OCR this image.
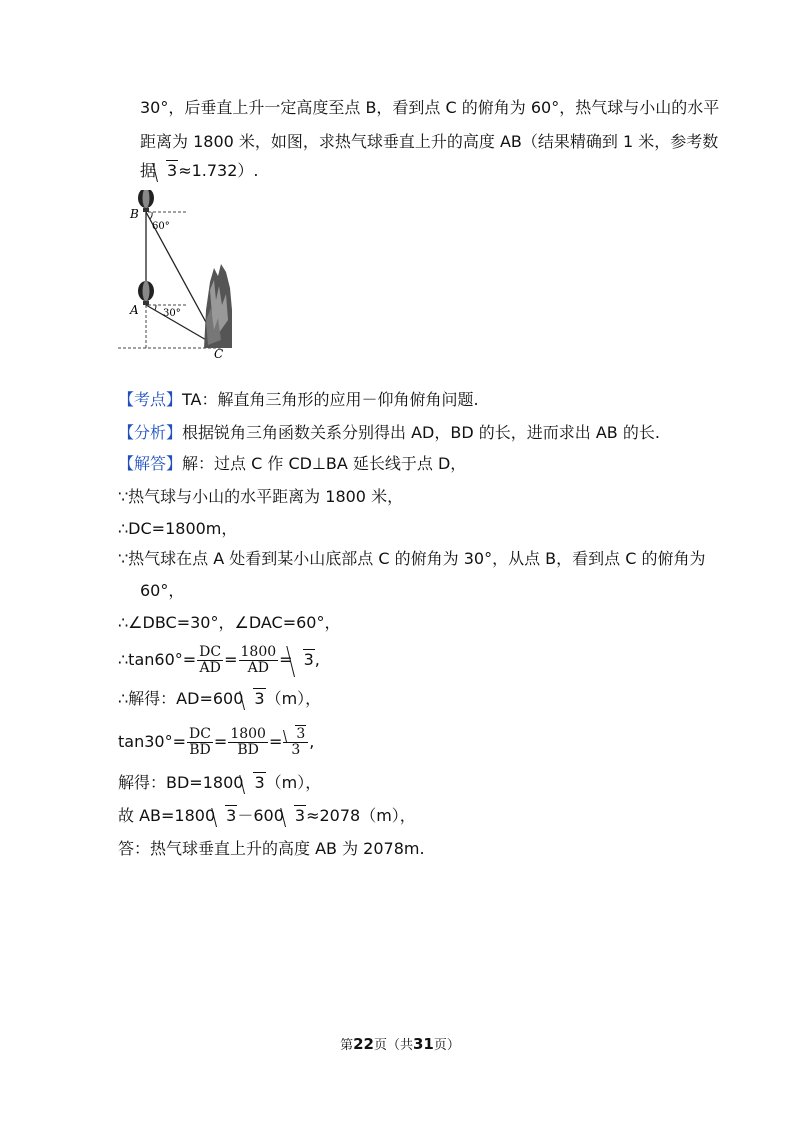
30°，后垂直上升一定高度至点 B，看到点 C 的俯角为 60°，热气球与小山的水平
距离为 1800 米，如图，求热气球垂直上升的高度 AB（结果精确到 1 米，参考数
据 3≈1.732）.
B
A
C
60°
30°
【考点】TA：解直角三角形的应用－仰角俯角问题.
【分析】根据锐角三角函数关系分别得出 AD，BD 的长，进而求出 AB 的长.
【解答】解：过点 C 作 CD⊥BA 延长线于点 D，
∵热气球与小山的水平距离为 1800 米，
∴DC=1800m，
∵热气球在点 A 处看到某小山底部点 C 的俯角为 30°，从点 B，看到点 C 的俯角为
60°，
∴∠DBC=30°，∠DAC=60°，
∴tan60°= $\frac{DC}{AD} = \frac{1800}{AD} = 3$,
∴解得：AD=600 3（m），
$\tan 30^\circ= \frac{DC}{BD} = \frac{1800}{BD} = \frac{3}{3}$ ,
解得：BD=1800 3（m），
故 AB=1800 3－600 3≈2078（m），
答：热气球垂直上升的高度 AB 为 2078m.
第22页（共31页）
